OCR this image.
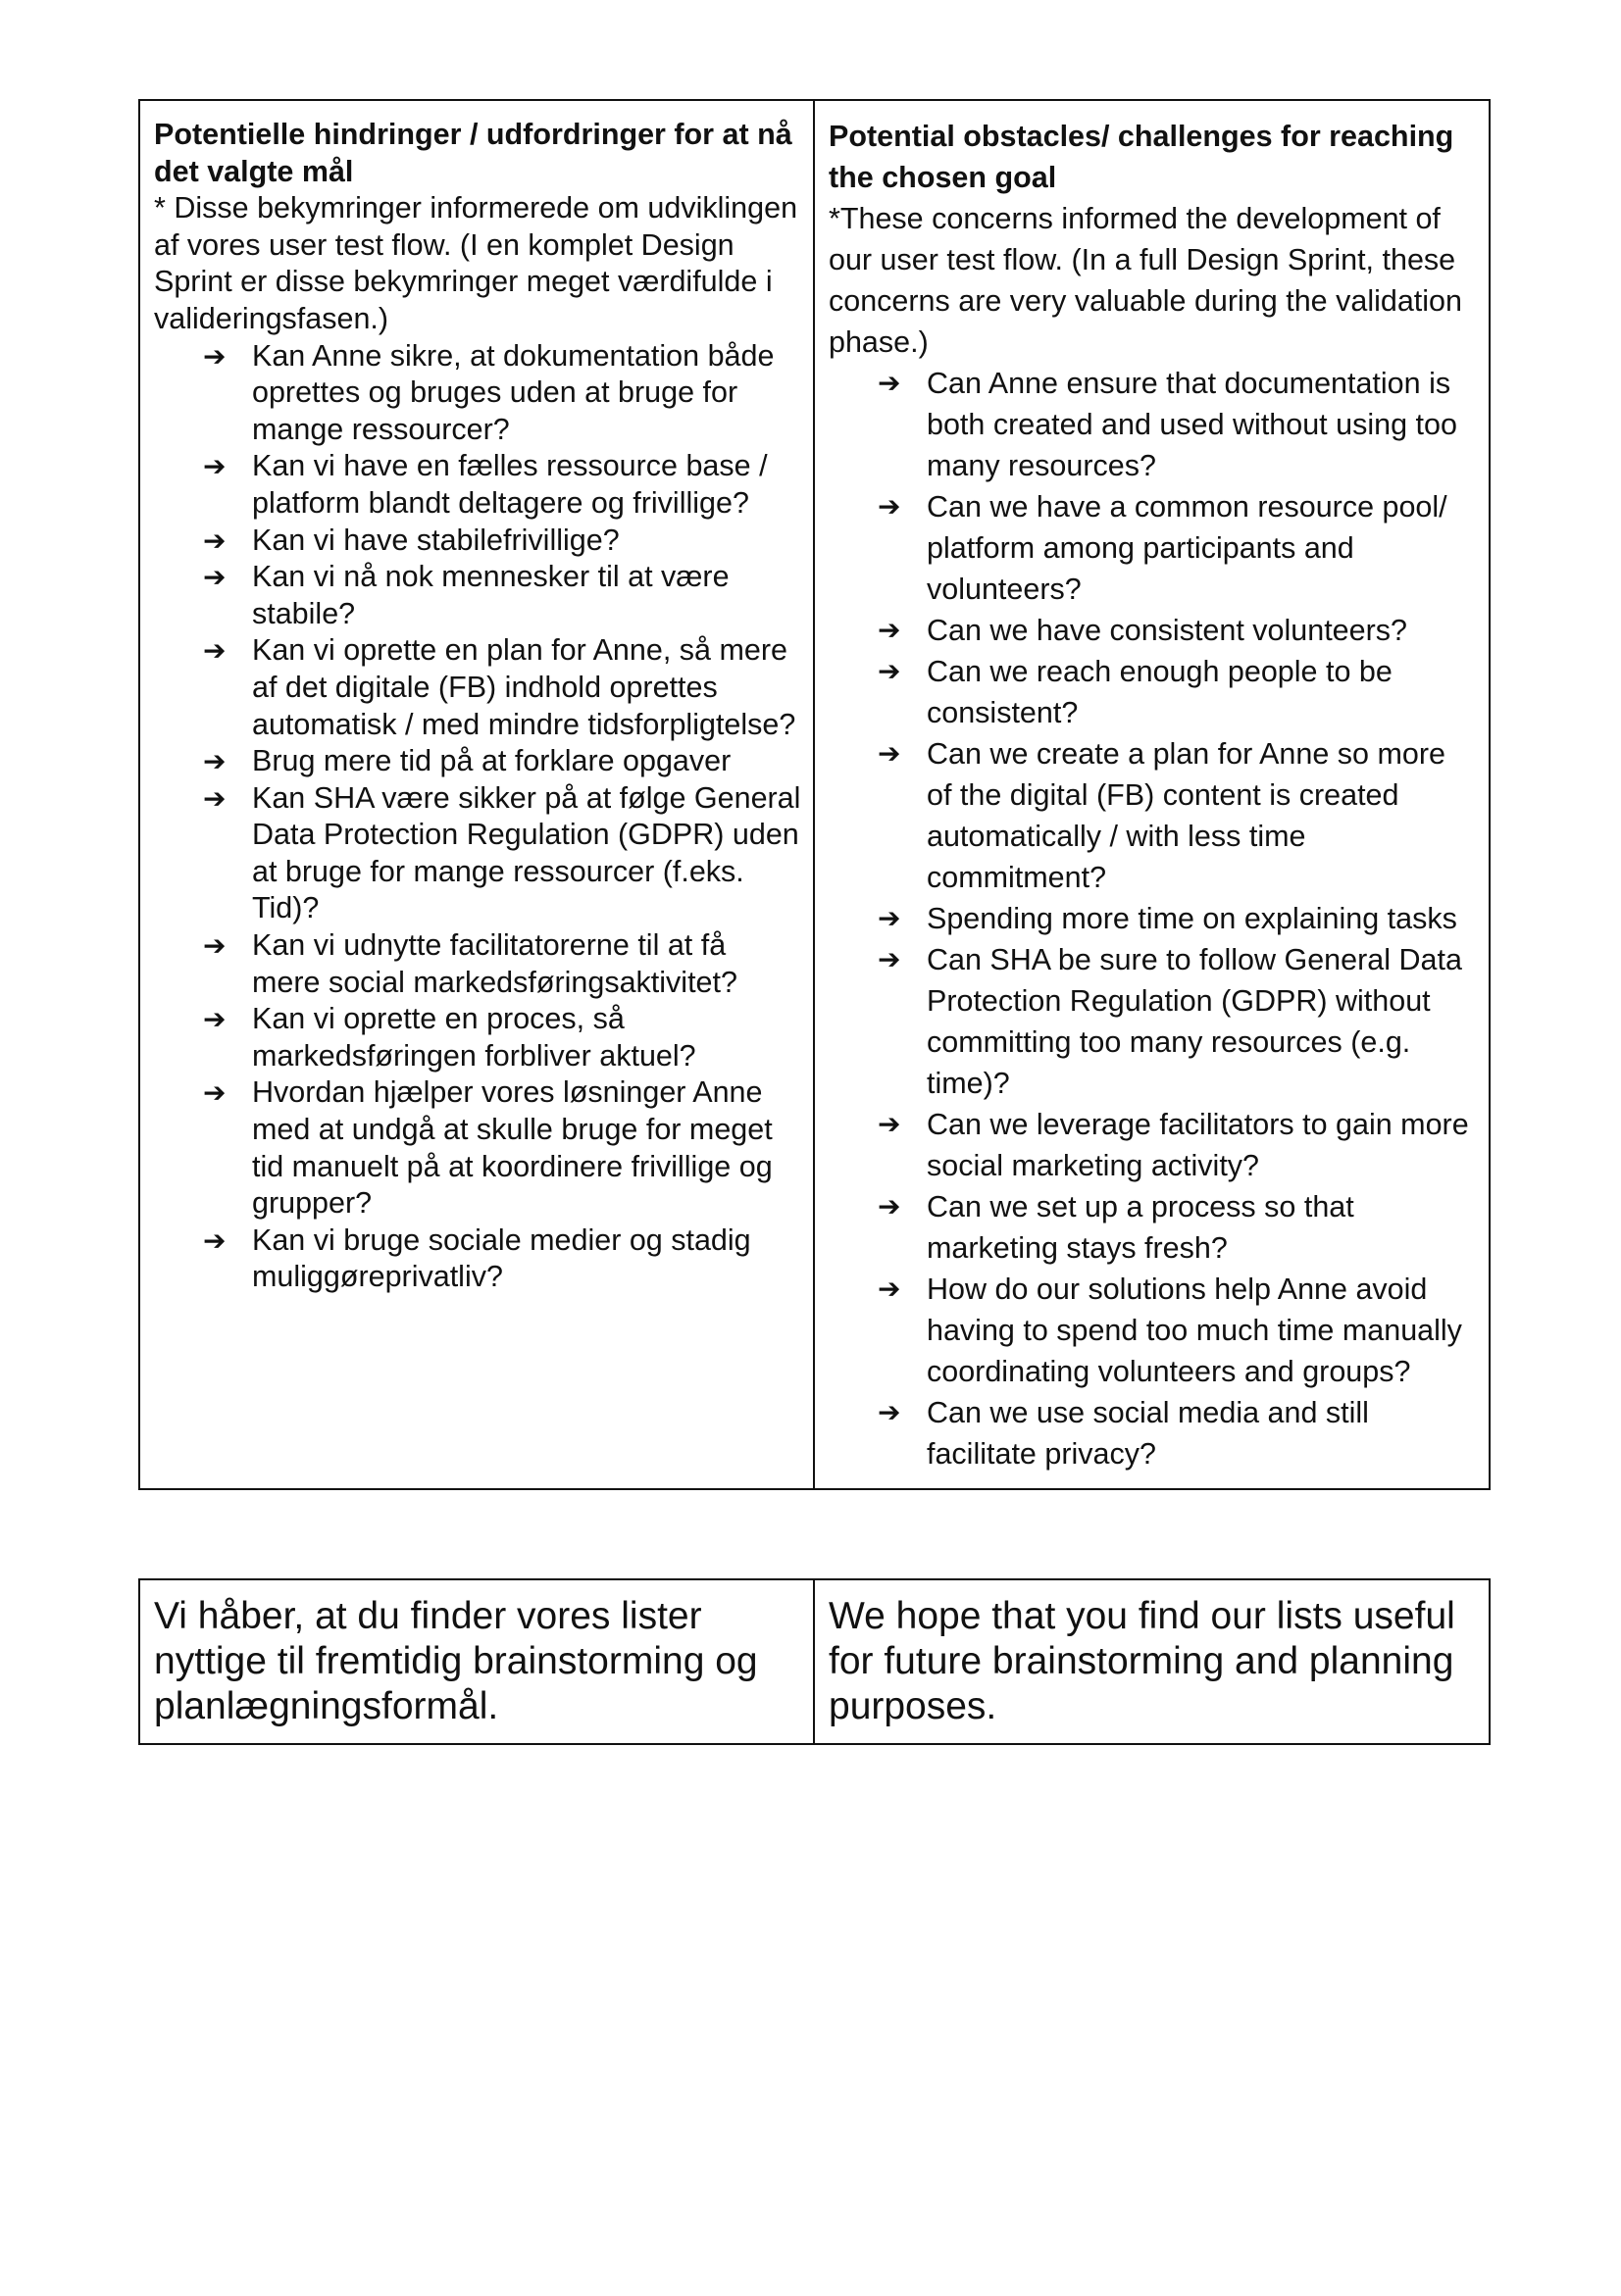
Potentielle hindringer / udfordringer for at nå det valgte mål
* Disse bekymringer informerede om udviklingen af vores user test flow. (I en komplet Design Sprint er disse bekymringer meget værdifulde i valideringsfasen.)
➔ Kan Anne sikre, at dokumentation både oprettes og bruges uden at bruge for mange ressourcer?
➔ Kan vi have en fælles ressource base / platform blandt deltagere og frivillige?
➔ Kan vi have stabilefrivillige?
➔ Kan vi nå nok mennesker til at være stabile?
➔ Kan vi oprette en plan for Anne, så mere af det digitale (FB) indhold oprettes automatisk / med mindre tidsforpligtelse?
➔ Brug mere tid på at forklare opgaver
➔ Kan SHA være sikker på at følge General Data Protection Regulation (GDPR) uden at bruge for mange ressourcer (f.eks. Tid)?
➔ Kan vi udnytte facilitatorerne til at få mere social markedsføringsaktivitet?
➔ Kan vi oprette en proces, så markedsføringen forbliver aktuel?
➔ Hvordan hjælper vores løsninger Anne med at undgå at skulle bruge for meget tid manuelt på at koordinere frivillige og grupper?
➔ Kan vi bruge sociale medier og stadig muliggøreprivatliv?

Potential obstacles/ challenges for reaching the chosen goal
*These concerns informed the development of our user test flow. (In a full Design Sprint, these concerns are very valuable during the validation phase.)
➔ Can Anne ensure that documentation is both created and used without using too many resources?
➔ Can we have a common resource pool/ platform among participants and volunteers?
➔ Can we have consistent volunteers?
➔ Can we reach enough people to be consistent?
➔ Can we create a plan for Anne so more of the digital (FB) content is created automatically / with less time commitment?
➔ Spending more time on explaining tasks
➔ Can SHA be sure to follow General Data Protection Regulation (GDPR) without committing too many resources (e.g. time)?
➔ Can we leverage facilitators to gain more social marketing activity?
➔ Can we set up a process so that marketing stays fresh?
➔ How do our solutions help Anne avoid having to spend too much time manually coordinating volunteers and groups?
➔ Can we use social media and still facilitate privacy?
Vi håber, at du finder vores lister nyttige til fremtidig brainstorming og planlægningsformål.	We hope that you find our lists useful for future brainstorming and planning purposes.
